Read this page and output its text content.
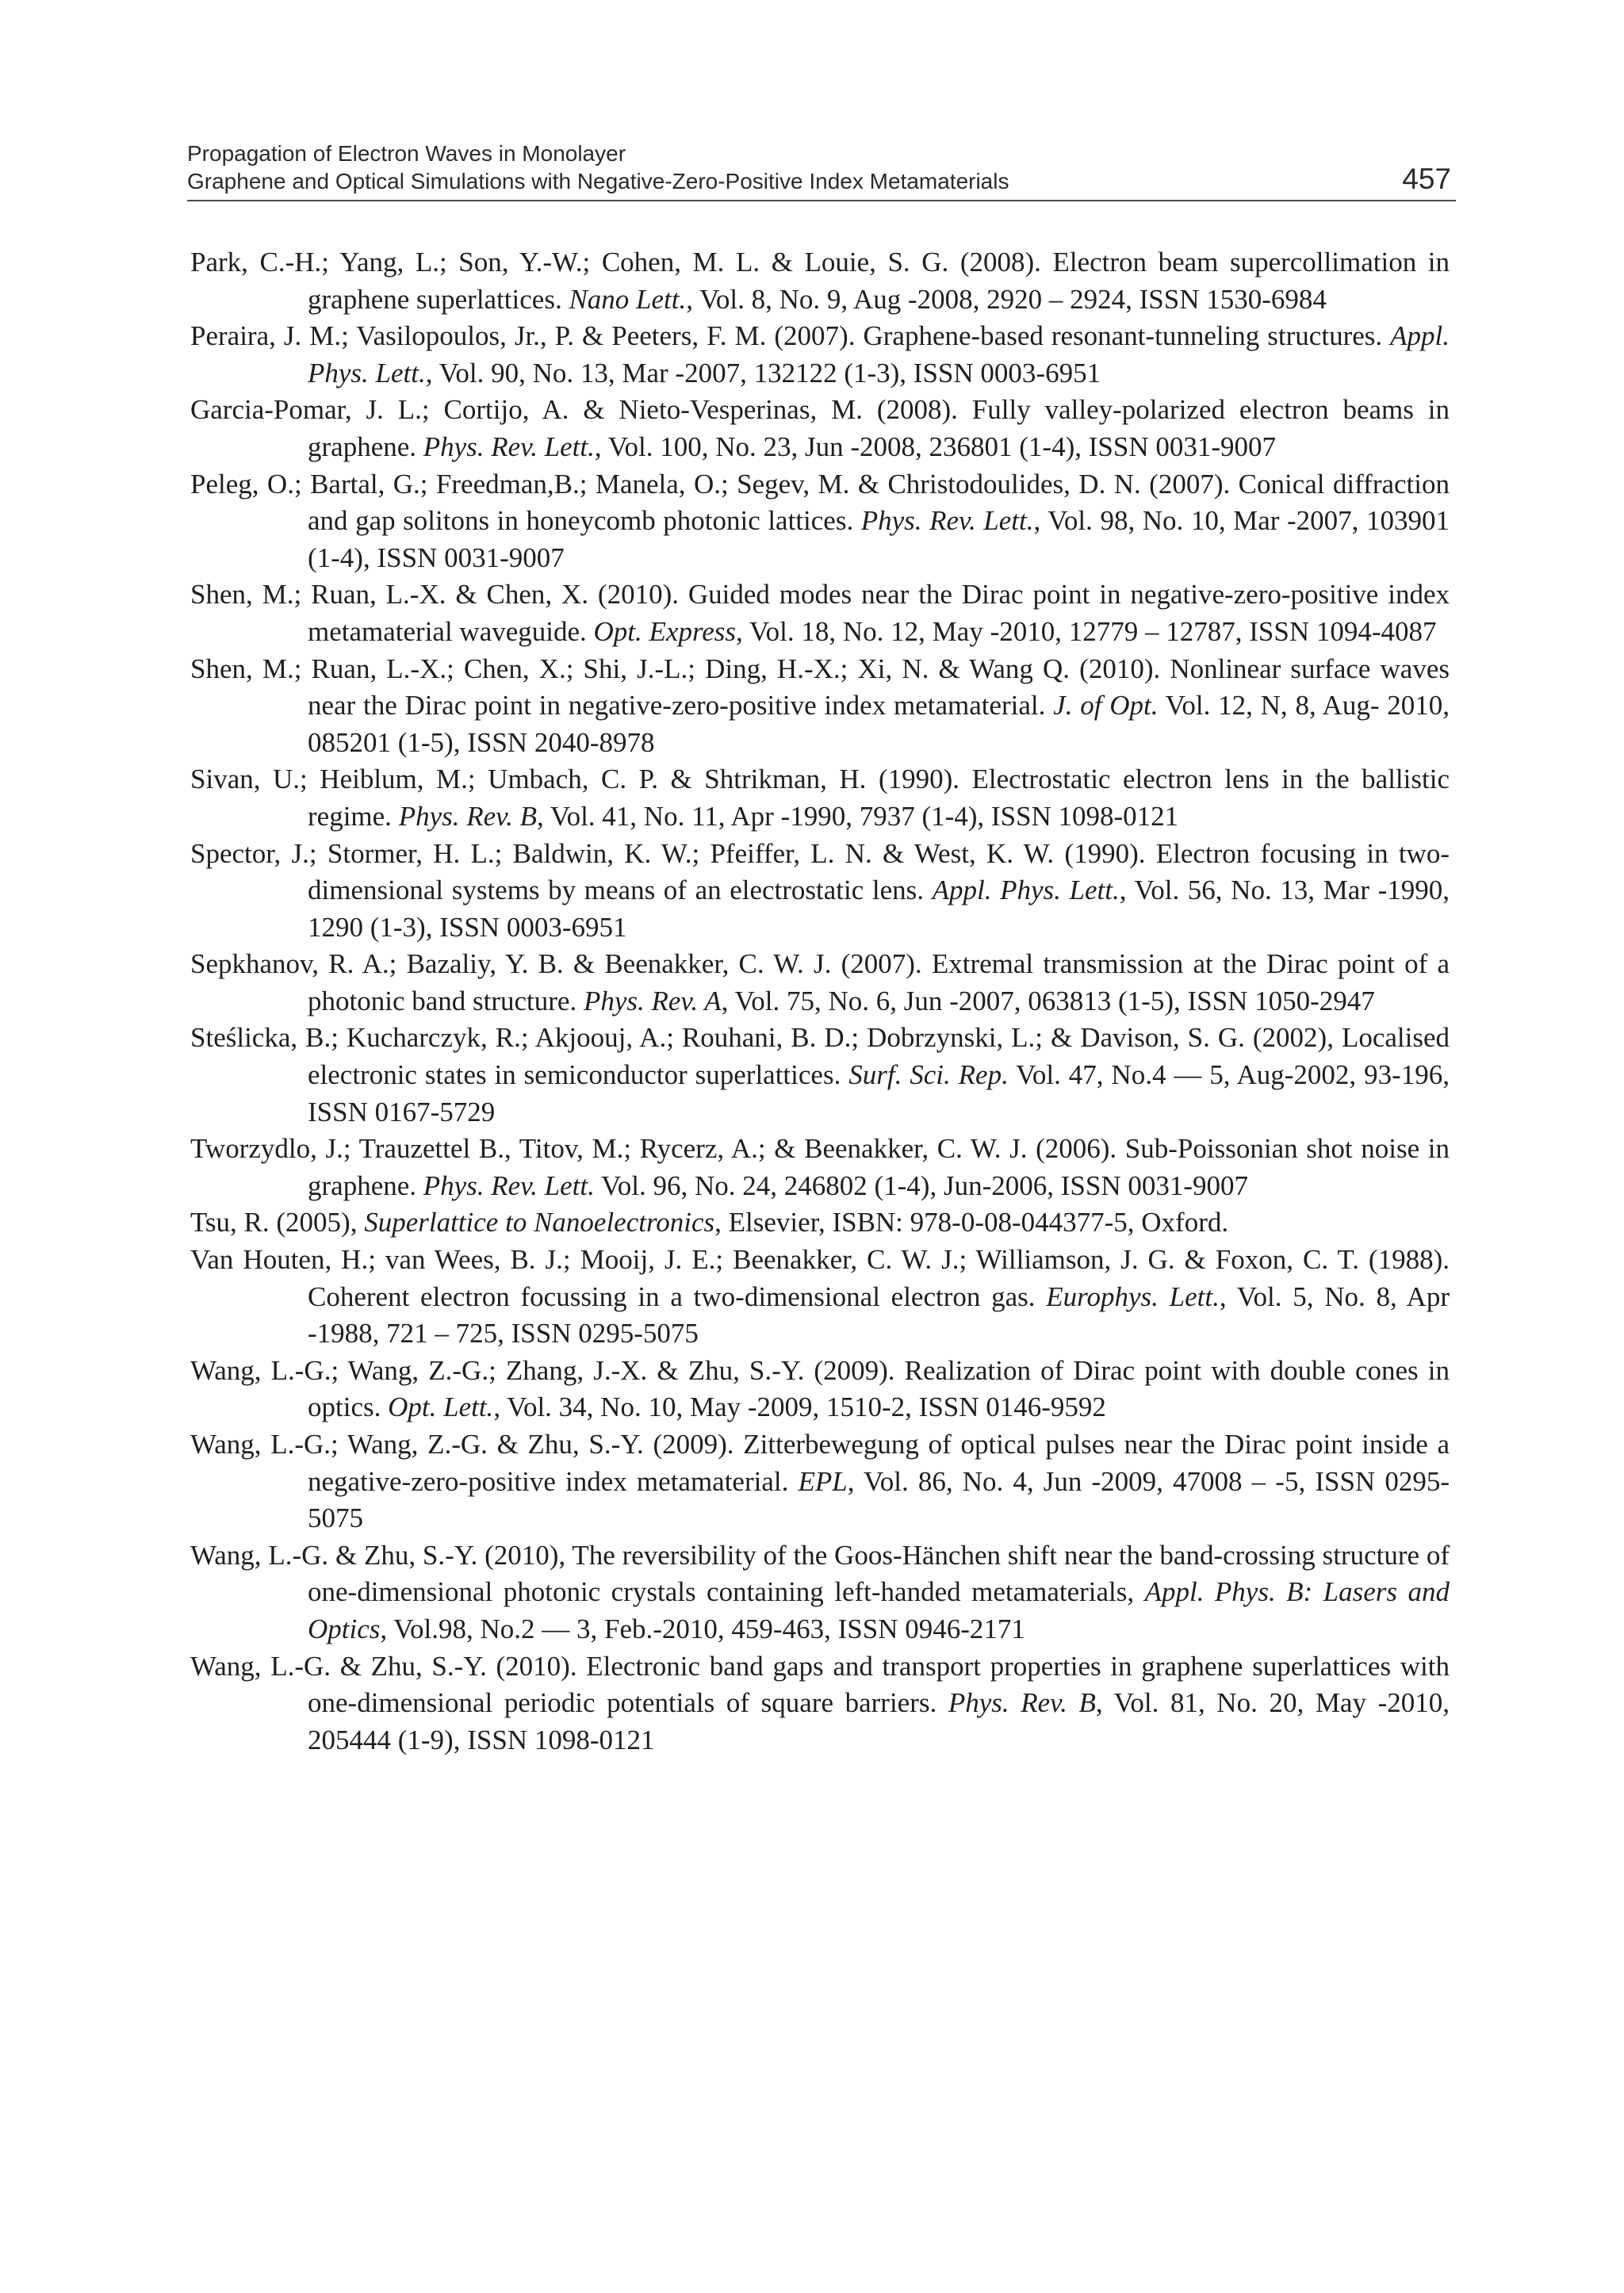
Propagation of Electron Waves in Monolayer
Graphene and Optical Simulations with Negative-Zero-Positive Index Metamaterials	457

Park, C.-H.; Yang, L.; Son, Y.-W.; Cohen, M. L. & Louie, S. G. (2008). Electron beam supercollimation in graphene superlattices. Nano Lett., Vol. 8, No. 9, Aug -2008, 2920 – 2924, ISSN 1530-6984

Peraira, J. M.; Vasilopoulos, Jr., P. & Peeters, F. M. (2007). Graphene-based resonant-tunneling structures. Appl. Phys. Lett., Vol. 90, No. 13, Mar -2007, 132122 (1-3), ISSN 0003-6951

Garcia-Pomar, J. L.; Cortijo, A. & Nieto-Vesperinas, M. (2008). Fully valley-polarized electron beams in graphene. Phys. Rev. Lett., Vol. 100, No. 23, Jun -2008, 236801 (1-4), ISSN 0031-9007

Peleg, O.; Bartal, G.; Freedman,B.; Manela, O.; Segev, M. & Christodoulides, D. N. (2007). Conical diffraction and gap solitons in honeycomb photonic lattices. Phys. Rev. Lett., Vol. 98, No. 10, Mar -2007, 103901 (1-4), ISSN 0031-9007

Shen, M.; Ruan, L.-X. & Chen, X. (2010). Guided modes near the Dirac point in negative-zero-positive index metamaterial waveguide. Opt. Express, Vol. 18, No. 12, May -2010, 12779 – 12787, ISSN 1094-4087

Shen, M.; Ruan, L.-X.; Chen, X.; Shi, J.-L.; Ding, H.-X.; Xi, N. & Wang Q. (2010). Nonlinear surface waves near the Dirac point in negative-zero-positive index metamaterial. J. of Opt. Vol. 12, N, 8, Aug- 2010, 085201 (1-5), ISSN 2040-8978

Sivan, U.; Heiblum, M.; Umbach, C. P. & Shtrikman, H. (1990). Electrostatic electron lens in the ballistic regime. Phys. Rev. B, Vol. 41, No. 11, Apr -1990, 7937 (1-4), ISSN 1098-0121

Spector, J.; Stormer, H. L.; Baldwin, K. W.; Pfeiffer, L. N. & West, K. W. (1990). Electron focusing in two-dimensional systems by means of an electrostatic lens. Appl. Phys. Lett., Vol. 56, No. 13, Mar -1990, 1290 (1-3), ISSN 0003-6951

Sepkhanov, R. A.; Bazaliy, Y. B. & Beenakker, C. W. J. (2007). Extremal transmission at the Dirac point of a photonic band structure. Phys. Rev. A, Vol. 75, No. 6, Jun -2007, 063813 (1-5), ISSN 1050-2947

Steślicka, B.; Kucharczyk, R.; Akjoouj, A.; Rouhani, B. D.; Dobrzynski, L.; & Davison, S. G. (2002), Localised electronic states in semiconductor superlattices. Surf. Sci. Rep. Vol. 47, No.4 — 5, Aug-2002, 93-196, ISSN 0167-5729

Tworzydlo, J.; Trauzettel B., Titov, M.; Rycerz, A.; & Beenakker, C. W. J. (2006). Sub-Poissonian shot noise in graphene. Phys. Rev. Lett. Vol. 96, No. 24, 246802 (1-4), Jun-2006, ISSN 0031-9007

Tsu, R. (2005), Superlattice to Nanoelectronics, Elsevier, ISBN: 978-0-08-044377-5, Oxford.

Van Houten, H.; van Wees, B. J.; Mooij, J. E.; Beenakker, C. W. J.; Williamson, J. G. & Foxon, C. T. (1988). Coherent electron focussing in a two-dimensional electron gas. Europhys. Lett., Vol. 5, No. 8, Apr -1988, 721 – 725, ISSN 0295-5075

Wang, L.-G.; Wang, Z.-G.; Zhang, J.-X. & Zhu, S.-Y. (2009). Realization of Dirac point with double cones in optics. Opt. Lett., Vol. 34, No. 10, May -2009, 1510-2, ISSN 0146-9592

Wang, L.-G.; Wang, Z.-G. & Zhu, S.-Y. (2009). Zitterbewegung of optical pulses near the Dirac point inside a negative-zero-positive index metamaterial. EPL, Vol. 86, No. 4, Jun -2009, 47008 – -5, ISSN 0295-5075

Wang, L.-G. & Zhu, S.-Y. (2010), The reversibility of the Goos-Hänchen shift near the band-crossing structure of one-dimensional photonic crystals containing left-handed metamaterials, Appl. Phys. B: Lasers and Optics, Vol.98, No.2 — 3, Feb.-2010, 459-463, ISSN 0946-2171

Wang, L.-G. & Zhu, S.-Y. (2010). Electronic band gaps and transport properties in graphene superlattices with one-dimensional periodic potentials of square barriers. Phys. Rev. B, Vol. 81, No. 20, May -2010, 205444 (1-9), ISSN 1098-0121
